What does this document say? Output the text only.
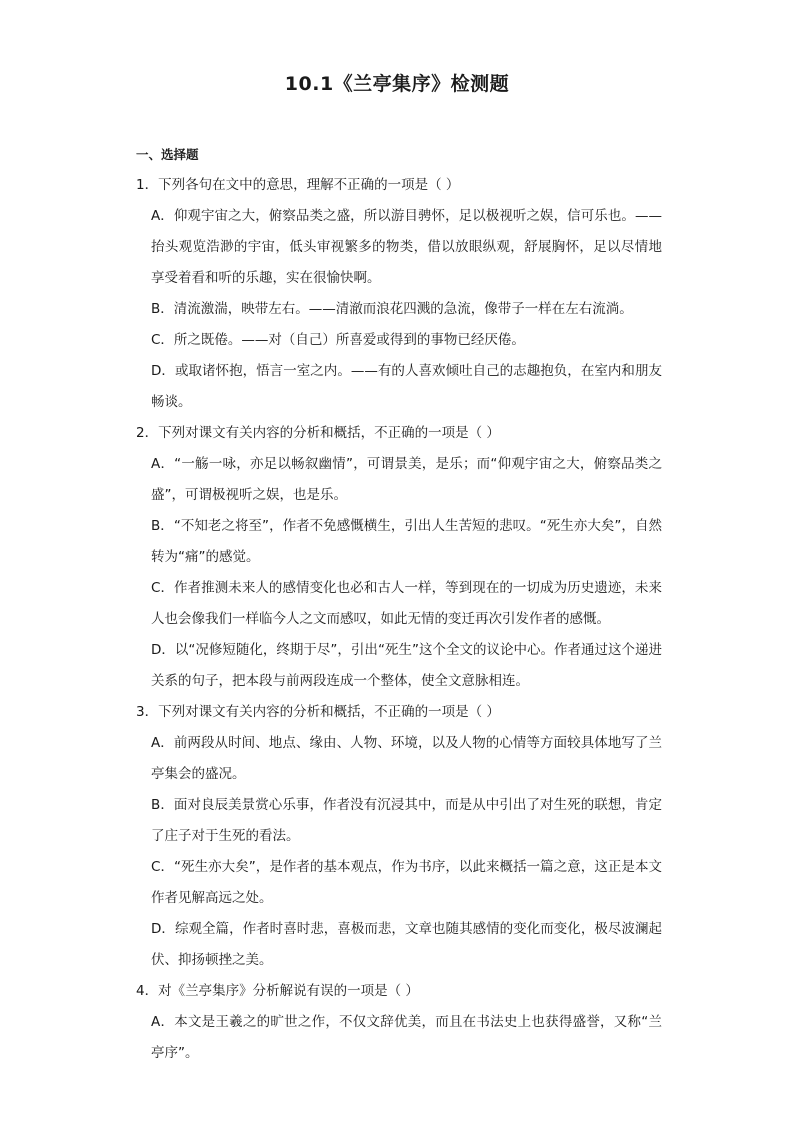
10.1《兰亭集序》检测题
一、选择题
1．下列各句在文中的意思，理解不正确的一项是（ ）

A．仰观宇宙之大，俯察品类之盛，所以游目骋怀，足以极视听之娱，信可乐也。——抬头观览浩渺的宇宙，低头审视繁多的物类，借以放眼纵观，舒展胸怀，足以尽情地享受着看和听的乐趣，实在很愉快啊。

B．清流激湍，映带左右。——清澈而浪花四溅的急流，像带子一样在左右流淌。

C．所之既倦。——对（自己）所喜爱或得到的事物已经厌倦。

D．或取诸怀抱，悟言一室之内。——有的人喜欢倾吐自己的志趣抱负，在室内和朋友畅谈。

2．下列对课文有关内容的分析和概括，不正确的一项是（ ）

A．“一觞一咏，亦足以畅叙幽情”，可谓景美，是乐；而“仰观宇宙之大，俯察品类之盛”，可谓极视听之娱，也是乐。

B．“不知老之将至”，作者不免感慨横生，引出人生苦短的悲叹。“死生亦大矣”，自然转为“痛”的感觉。

C．作者推测未来人的感情变化也必和古人一样，等到现在的一切成为历史遗迹，未来人也会像我们一样临今人之文而感叹，如此无情的变迁再次引发作者的感慨。

D．以“况修短随化，终期于尽”，引出“死生”这个全文的议论中心。作者通过这个递进关系的句子，把本段与前两段连成一个整体，使全文意脉相连。

3．下列对课文有关内容的分析和概括，不正确的一项是（ ）

A．前两段从时间、地点、缘由、人物、环境，以及人物的心情等方面较具体地写了兰亭集会的盛况。

B．面对良辰美景赏心乐事，作者没有沉浸其中，而是从中引出了对生死的联想，肯定了庄子对于生死的看法。

C．“死生亦大矣”，是作者的基本观点，作为书序，以此来概括一篇之意，这正是本文作者见解高远之处。

D．综观全篇，作者时喜时悲，喜极而悲，文章也随其感情的变化而变化，极尽波澜起伏、抑扬顿挫之美。

4．对《兰亭集序》分析解说有误的一项是（ ）

A．本文是王羲之的旷世之作，不仅文辞优美，而且在书法史上也获得盛誉，又称“兰亭序”。
